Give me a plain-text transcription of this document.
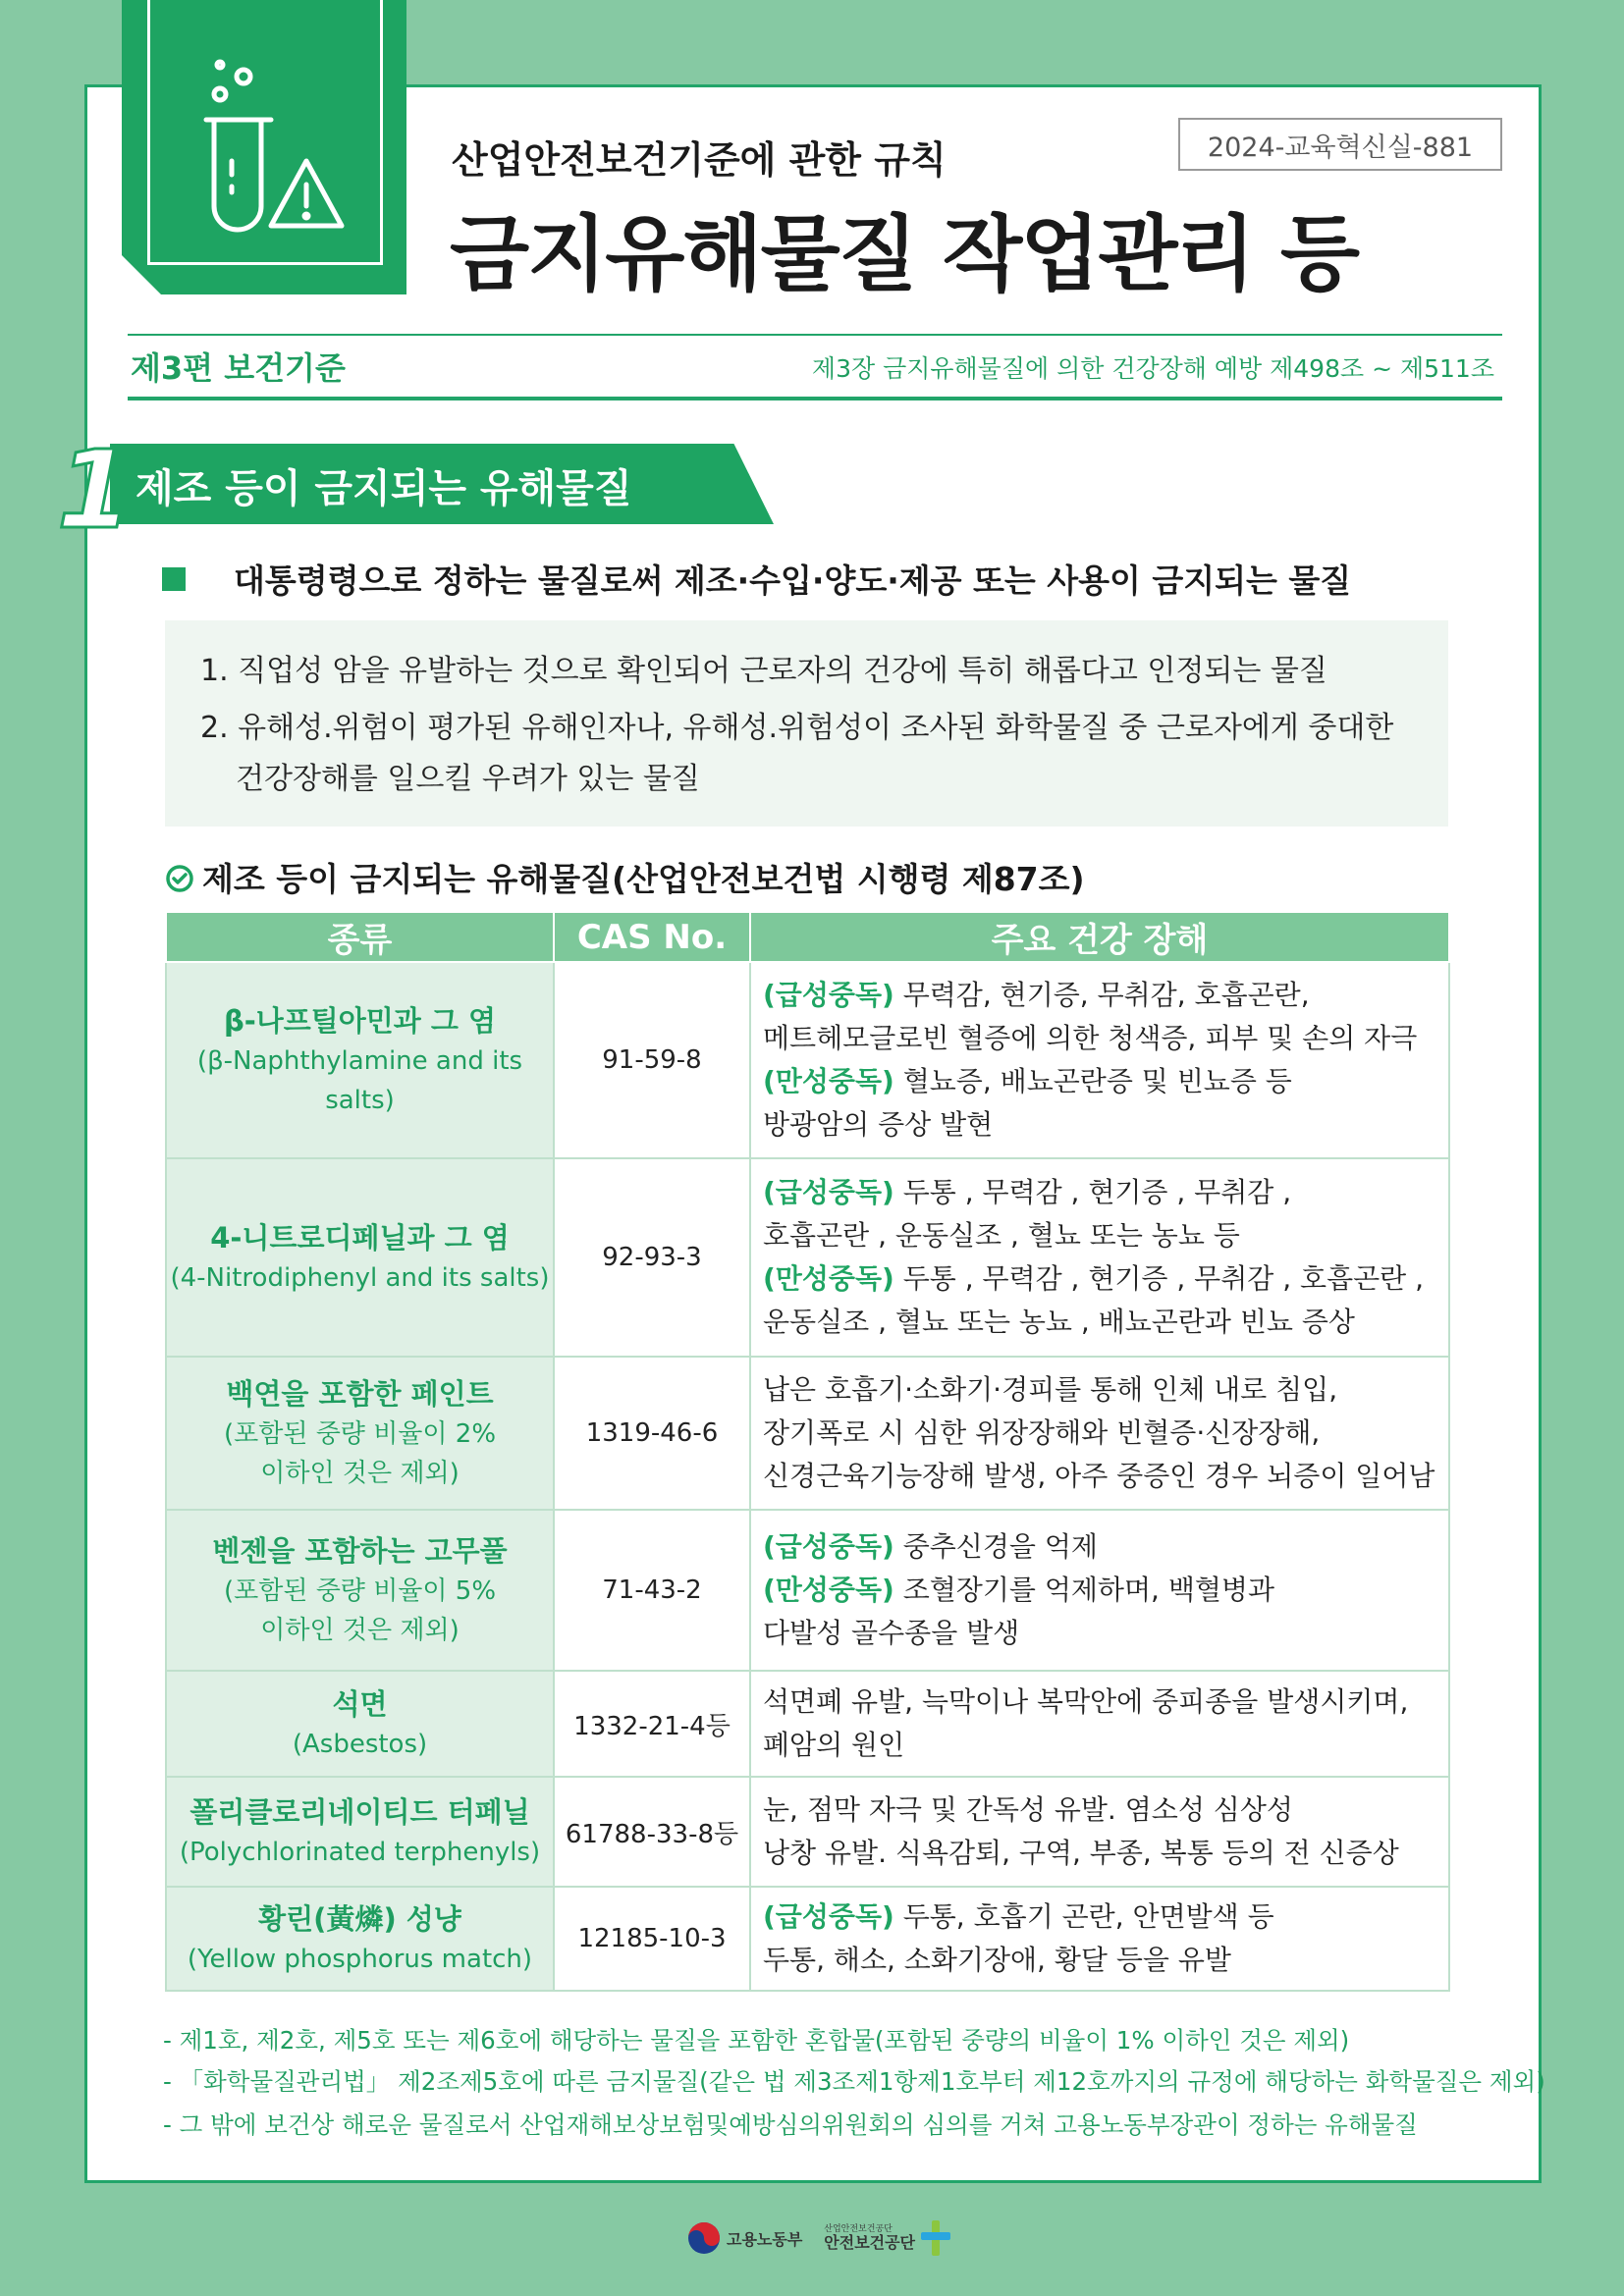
2024-교육혁신실-881
산업안전보건기준에 관한 규칙
금지유해물질 작업관리 등
제3편 보건기준	제3장 금지유해물질에 의한 건강장해 예방 제498조 ~ 제511조
1 제조 등이 금지되는 유해물질
대통령령으로 정하는 물질로써 제조·수입·양도·제공 또는 사용이 금지되는 물질
1. 직업성 암을 유발하는 것으로 확인되어 근로자의 건강에 특히 해롭다고 인정되는 물질
2. 유해성.위험이 평가된 유해인자나, 유해성.위험성이 조사된 화학물질 중 근로자에게 중대한
건강장해를 일으킬 우려가 있는 물질
제조 등이 금지되는 유해물질(산업안전보건법 시행령 제87조)
종류	CAS No.	주요 건강 장해

β-나프틸아민과 그 염
(β-Naphthylamine and its salts)	91-59-8	(급성중독) 무력감, 현기증, 무취감, 호흡곤란,
메트헤모글로빈 혈증에 의한 청색증, 피부 및 손의 자극
(만성중독) 혈뇨증, 배뇨곤란증 및 빈뇨증 등
방광암의 증상 발현

4-니트로디페닐과 그 염
(4-Nitrodiphenyl and its salts)	92-93-3	(급성중독) 두통 , 무력감 , 현기증 , 무취감 ,
호흡곤란 , 운동실조 , 혈뇨 또는 농뇨 등
(만성중독) 두통 , 무력감 , 현기증 , 무취감 , 호흡곤란 ,
운동실조 , 혈뇨 또는 농뇨 , 배뇨곤란과 빈뇨 증상

백연을 포함한 페인트
(포함된 중량 비율이 2%
이하인 것은 제외)	1319-46-6	납은 호흡기·소화기·경피를 통해 인체 내로 침입,
장기폭로 시 심한 위장장해와 빈혈증·신장장해,
신경근육기능장해 발생, 아주 중증인 경우 뇌증이 일어남

벤젠을 포함하는 고무풀
(포함된 중량 비율이 5%
이하인 것은 제외)	71-43-2	(급성중독) 중추신경을 억제
(만성중독) 조혈장기를 억제하며, 백혈병과
다발성 골수종을 발생

석면
(Asbestos)	1332-21-4등	석면폐 유발, 늑막이나 복막안에 중피종을 발생시키며,
폐암의 원인

폴리클로리네이티드 터페닐
(Polychlorinated terphenyls)	61788-33-8등	눈, 점막 자극 및 간독성 유발. 염소성 심상성
낭창 유발. 식욕감퇴, 구역, 부종, 복통 등의 전 신증상

황린(黃燐) 성냥
(Yellow phosphorus match)	12185-10-3	(급성중독) 두통, 호흡기 곤란, 안면발색 등
두통, 해소, 소화기장애, 황달 등을 유발
- 제1호, 제2호, 제5호 또는 제6호에 해당하는 물질을 포함한 혼합물(포함된 중량의 비율이 1% 이하인 것은 제외)
- 「화학물질관리법」 제2조제5호에 따른 금지물질(같은 법 제3조제1항제1호부터 제12호까지의 규정에 해당하는 화학물질은 제외)
- 그 밖에 보건상 해로운 물질로서 산업재해보상보험및예방심의위원회의 심의를 거쳐 고용노동부장관이 정하는 유해물질
고용노동부
산업안전보건공단
안전보건공단
